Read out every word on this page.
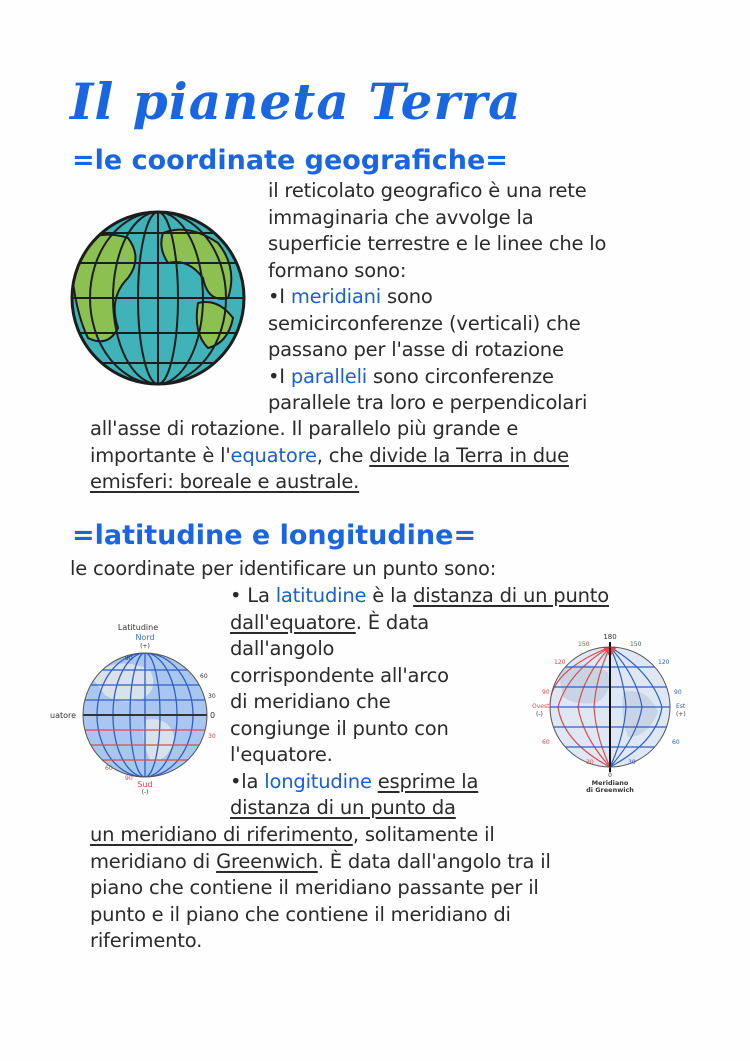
Il pianeta Terra
=le coordinate geografiche=
il reticolato geografico è una rete
immaginaria che avvolge la
superficie terrestre e le linee che lo
formano sono:
•I meridiani sono
semicirconferenze (verticali) che
passano per l'asse di rotazione
•I paralleli sono circonferenze
parallele tra loro e perpendicolari
all'asse di rotazione. Il parallelo più grande e
importante è l'equatore, che divide la Terra in due
emisferi: boreale e australe.
=latitudine e longitudine=
le coordinate per identificare un punto sono:
Latitudine
Nord
(+)
uatore	0
90
60
30
30
60
90
Sud
(-)
• La latitudine è la distanza di un punto
dall'equatore. È data
dall'angolo
corrispondente all'arco
di meridiano che
congiunge il punto con
l'equatore.
•la longitudine esprime la
distanza di un punto da
180
150	150
120	120
90	90
Ovest
(-)
Est
(+)
60	60
30	30
0
Meridiano
di Greenwich
un meridiano di riferimento, solitamente il
meridiano di Greenwich. È data dall'angolo tra il
piano che contiene il meridiano passante per il
punto e il piano che contiene il meridiano di
riferimento.
